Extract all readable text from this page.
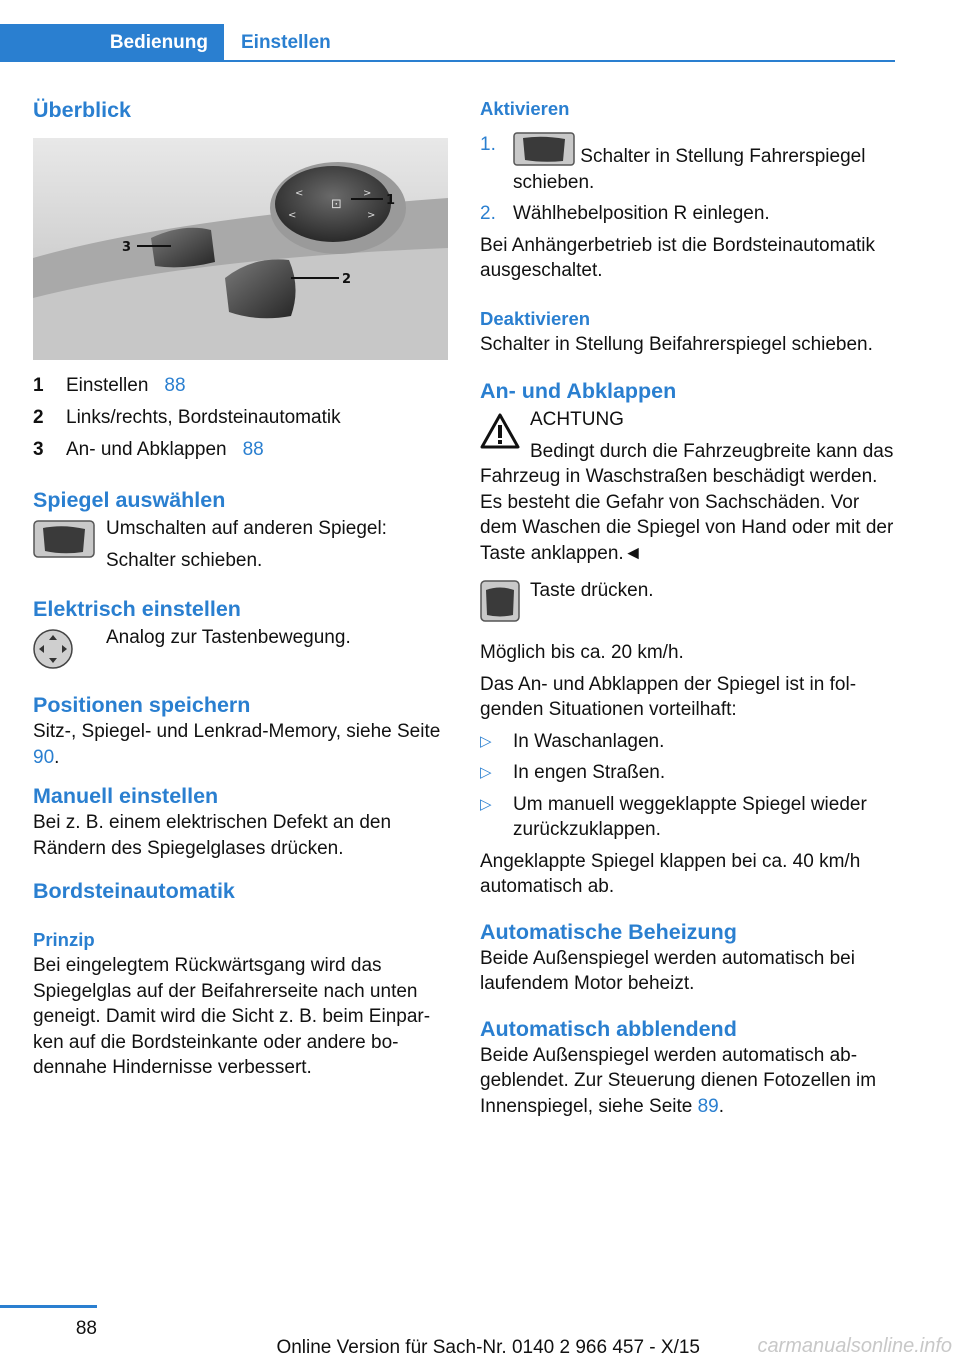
Bedienung	Einstellen
Überblick
⊡
<	>
<	>
1
3
2
1	Einstellen 88
2	Links/rechts, Bordsteinautomatik
3	An- und Abklappen 88
Spiegel auswählen
Umschalten auf anderen Spiegel:
Schalter schieben.
Elektrisch einstellen
Analog zur Tastenbewegung.
Positionen speichern
Sitz-, Spiegel- und Lenkrad-Memory, siehe Seite 90.
Manuell einstellen
Bei z. B. einem elektrischen Defekt an den Rändern des Spiegelglases drücken.
Bordsteinautomatik
Prinzip
Bei eingelegtem Rückwärtsgang wird das Spiegelglas auf der Beifahrerseite nach unten geneigt. Damit wird die Sicht z. B. beim Einparken auf die Bordsteinkante oder andere bodennahe Hindernisse verbessert.
Aktivieren
1.
Schalter in Stellung Fahrerspiegel schieben.
2. Wählhebelposition R einlegen.
Bei Anhängerbetrieb ist die Bordsteinautomatik ausgeschaltet.
Deaktivieren
Schalter in Stellung Beifahrerspiegel schieben.
An- und Abklappen
ACHTUNG
Bedingt durch die Fahrzeugbreite kann das Fahrzeug in Waschstraßen beschädigt werden. Es besteht die Gefahr von Sachschäden. Vor dem Waschen die Spiegel von Hand oder mit der Taste anklappen.◄
Taste drücken.
Möglich bis ca. 20 km/h.
Das An- und Abklappen der Spiegel ist in folgenden Situationen vorteilhaft:
▷	In Waschanlagen.
▷	In engen Straßen.
▷	Um manuell weggeklappte Spiegel wieder zurückzuklappen.
Angeklappte Spiegel klappen bei ca. 40 km/h automatisch ab.
Automatische Beheizung
Beide Außenspiegel werden automatisch bei laufendem Motor beheizt.
Automatisch abblendend
Beide Außenspiegel werden automatisch abgeblendet. Zur Steuerung dienen Fotozellen im Innenspiegel, siehe Seite 89.
88
Online Version für Sach-Nr. 0140 2 966 457 - X/15	carmanualsonline.info
